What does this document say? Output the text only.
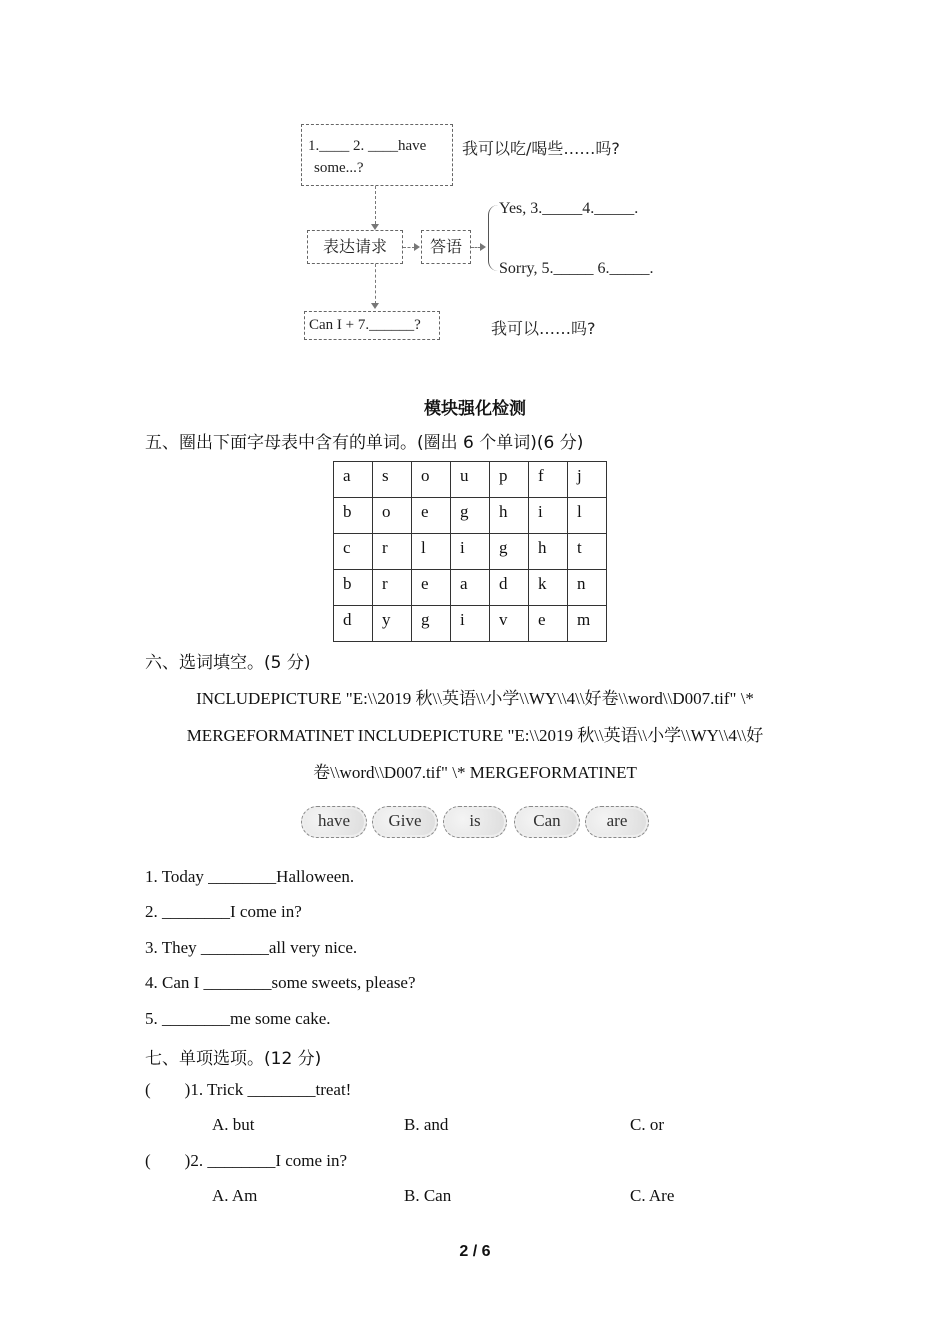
1.____ 2. ____have
some...?
我可以吃/喝些……吗?
表达请求	答语
Yes, 3._____4._____.
Sorry, 5._____ 6._____.
Can I + 7.______?	我可以……吗?
模块强化检测
五、圈出下面字母表中含有的单词。(圈出 6 个单词)(6 分)
a	s	o	u	p	f	j
b	o	e	g	h	i	l
c	r	l	i	g	h	t
b	r	e	a	d	k	n
d	y	g	i	v	e	m
六、选词填空。(5 分)
INCLUDEPICTURE "E:\\2019 秋\\英语\\小学\\WY\\4\\好卷\\word\\D007.tif" \*
MERGEFORMATINET INCLUDEPICTURE "E:\\2019 秋\\英语\\小学\\WY\\4\\好
卷\\word\\D007.tif" \* MERGEFORMATINET
have	Give	is	Can	are
1. Today ________Halloween.
2. ________I come in?
3. They ________all very nice.
4. Can I ________some sweets, please?
5. ________me some cake.
七、单项选项。(12 分)
(        )1. Trick ________treat!
A. but	B. and	C. or
(        )2. ________I come in?
A. Am	B. Can	C. Are
2 / 6
